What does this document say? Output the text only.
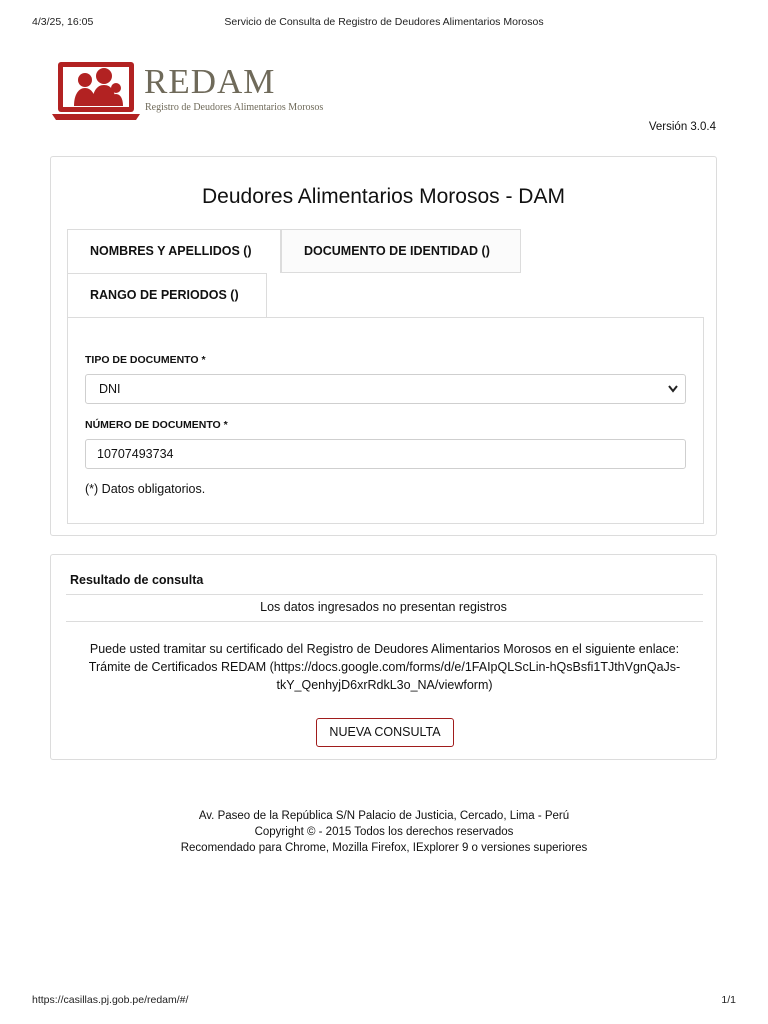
4/3/25, 16:05	Servicio de Consulta de Registro de Deudores Alimentarios Morosos
REDAM
Registro de Deudores Alimentarios Morosos
Versión 3.0.4
Deudores Alimentarios Morosos - DAM
NOMBRES Y APELLIDOS ()	DOCUMENTO DE IDENTIDAD ()
RANGO DE PERIODOS ()
TIPO DE DOCUMENTO *
DNI
NÚMERO DE DOCUMENTO *
10707493734
(*) Datos obligatorios.
Resultado de consulta
Los datos ingresados no presentan registros
Puede usted tramitar su certificado del Registro de Deudores Alimentarios Morosos en el siguiente enlace:
Trámite de Certificados REDAM (https://docs.google.com/forms/d/e/1FAIpQLScLin-hQsBsfi1TJthVgnQaJs-
tkY_QenhyjD6xrRdkL3o_NA/viewform)
NUEVA CONSULTA
Av. Paseo de la República S/N Palacio de Justicia, Cercado, Lima - Perú
Copyright © - 2015 Todos los derechos reservados
Recomendado para Chrome, Mozilla Firefox, IExplorer 9 o versiones superiores
https://casillas.pj.gob.pe/redam/#/	1/1
